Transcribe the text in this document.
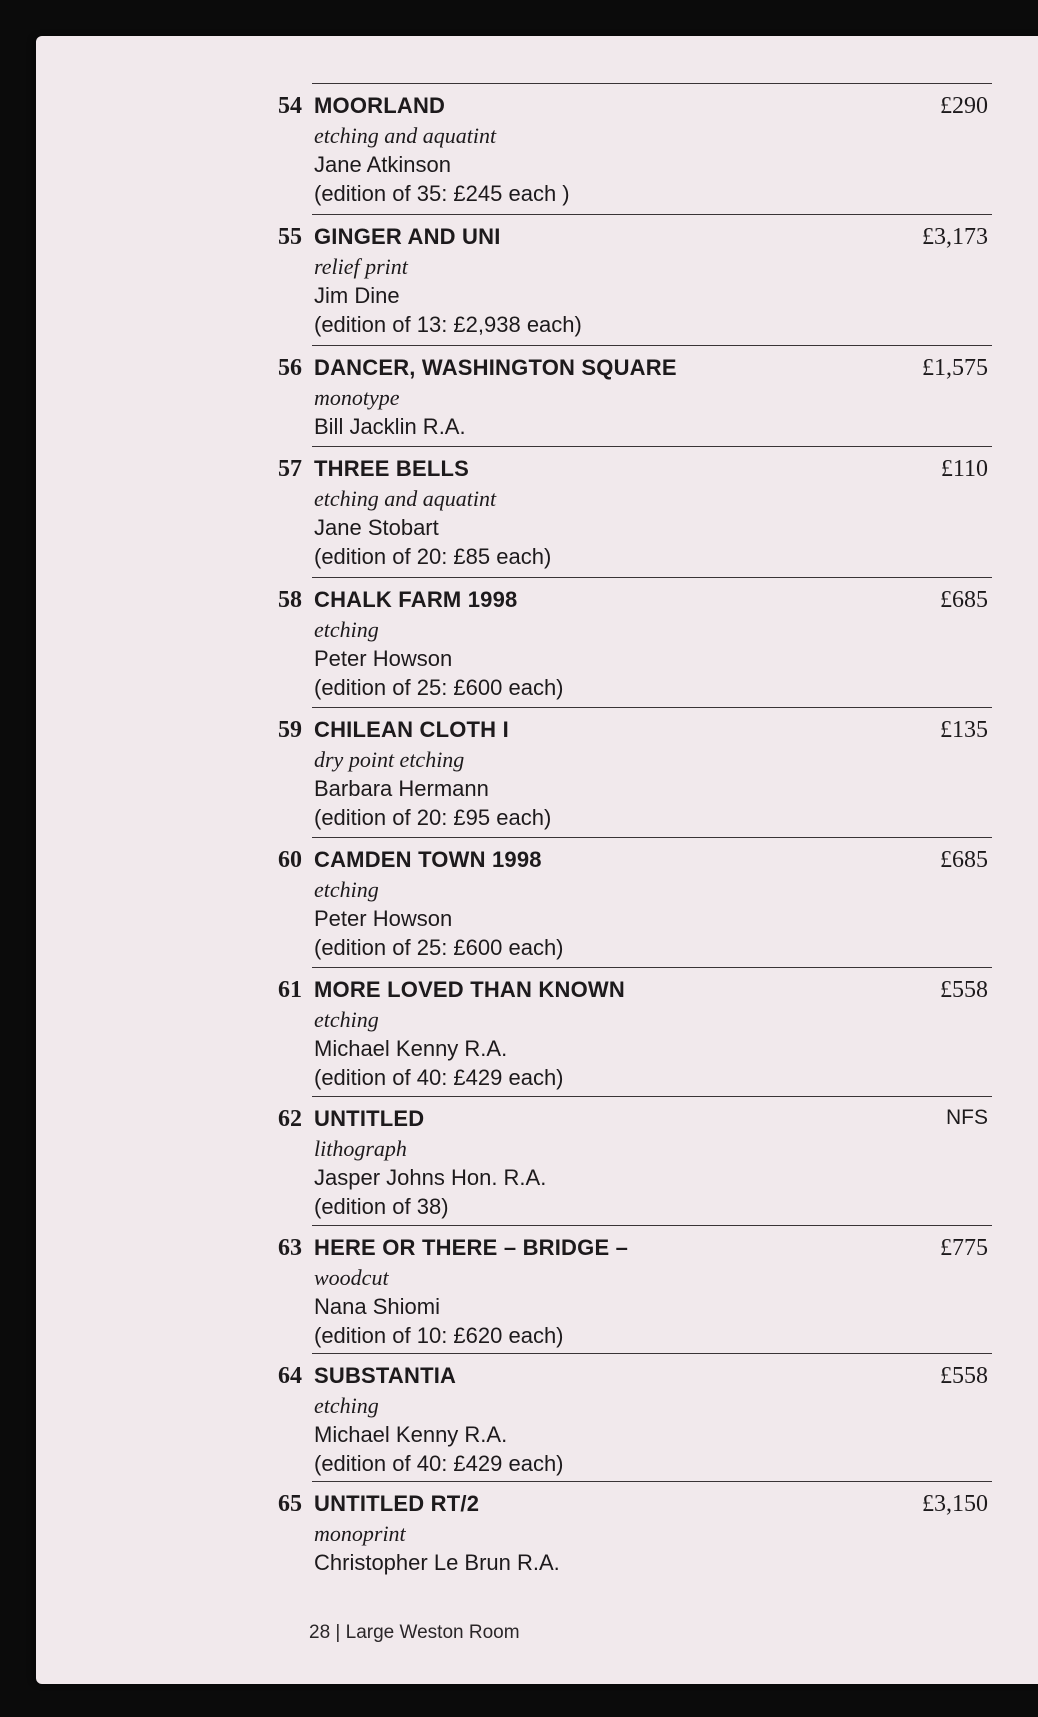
54 MOORLAND	£290
etching and aquatint
Jane Atkinson
(edition of 35: £245 each )
55 GINGER AND UNI	£3,173
relief print
Jim Dine
(edition of 13: £2,938 each)
56 DANCER, WASHINGTON SQUARE	£1,575
monotype
Bill Jacklin R.A.
57 THREE BELLS	£110
etching and aquatint
Jane Stobart
(edition of 20: £85 each)
58 CHALK FARM 1998	£685
etching
Peter Howson
(edition of 25: £600 each)
59 CHILEAN CLOTH I	£135
dry point etching
Barbara Hermann
(edition of 20: £95 each)
60 CAMDEN TOWN 1998	£685
etching
Peter Howson
(edition of 25: £600 each)
61 MORE LOVED THAN KNOWN	£558
etching
Michael Kenny R.A.
(edition of 40: £429 each)
62 UNTITLED	NFS
lithograph
Jasper Johns Hon. R.A.
(edition of 38)
63 HERE OR THERE – BRIDGE –	£775
woodcut
Nana Shiomi
(edition of 10: £620 each)
64 SUBSTANTIA	£558
etching
Michael Kenny R.A.
(edition of 40: £429 each)
65 UNTITLED RT/2	£3,150
monoprint
Christopher Le Brun R.A.
28 | Large Weston Room
